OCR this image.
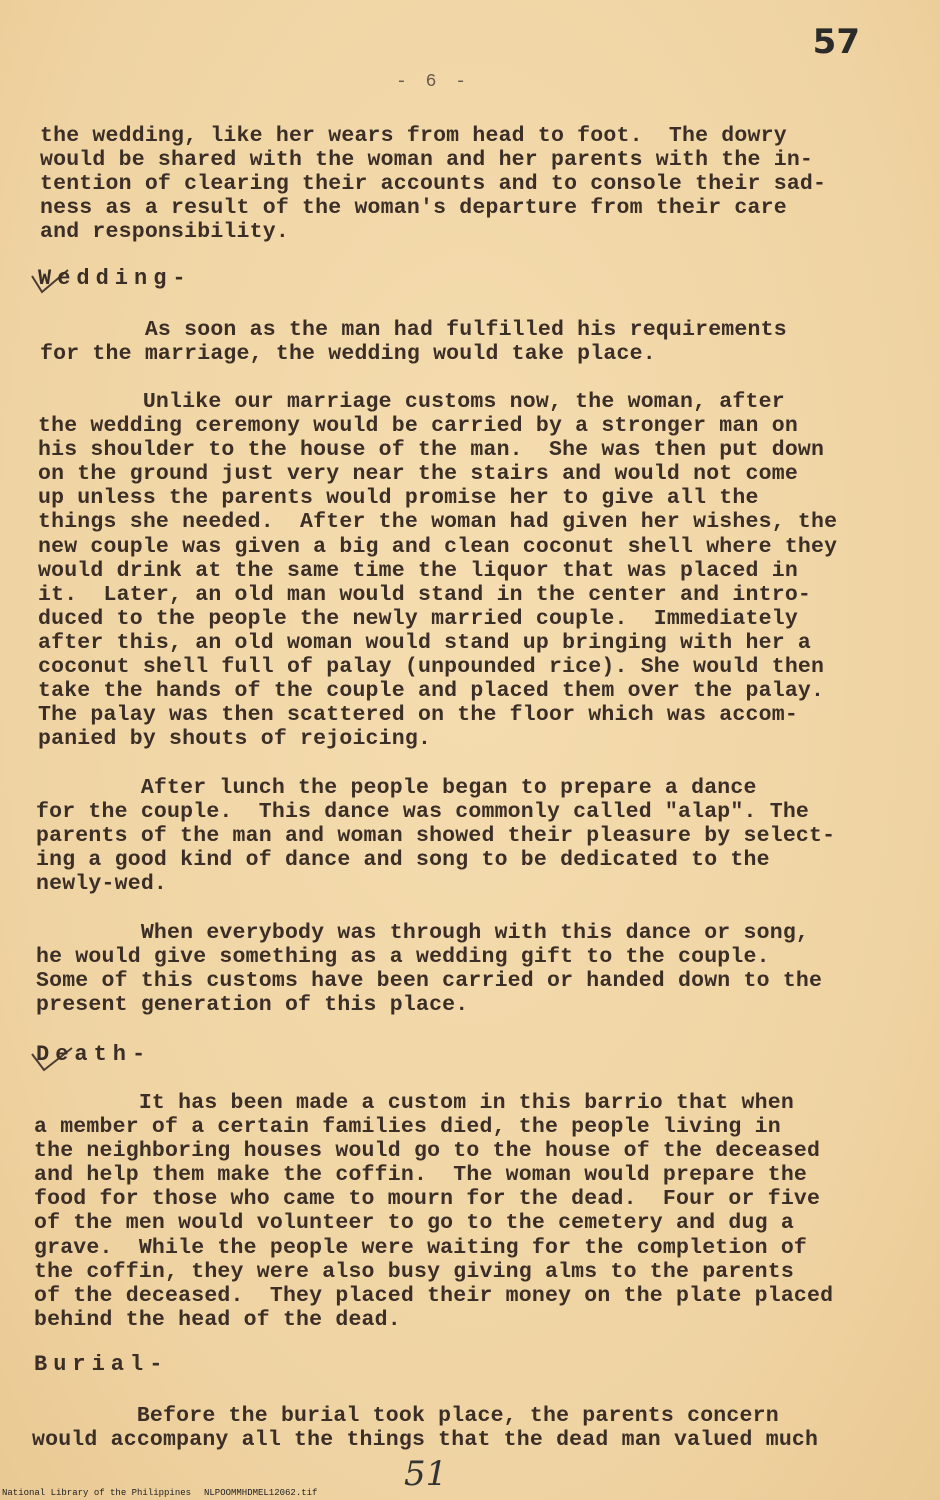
57
- 6 -

the wedding, like her wears from head to foot.  The dowry
would be shared with the woman and her parents with the in-
tention of clearing their accounts and to console their sad-
ness as a result of the woman's departure from their care
and responsibility.

Wedding-

As soon as the man had fulfilled his requirements
for the marriage, the wedding would take place.

Unlike our marriage customs now, the woman, after
the wedding ceremony would be carried by a stronger man on
his shoulder to the house of the man.  She was then put down
on the ground just very near the stairs and would not come
up unless the parents would promise her to give all the
things she needed.  After the woman had given her wishes, the
new couple was given a big and clean coconut shell where they
would drink at the same time the liquor that was placed in
it.  Later, an old man would stand in the center and intro-
duced to the people the newly married couple.  Immediately
after this, an old woman would stand up bringing with her a
coconut shell full of palay (unpounded rice). She would then
take the hands of the couple and placed them over the palay.
The palay was then scattered on the floor which was accom-
panied by shouts of rejoicing.

After lunch the people began to prepare a dance
for the couple.  This dance was commonly called "alap". The
parents of the man and woman showed their pleasure by select-
ing a good kind of dance and song to be dedicated to the
newly-wed.

When everybody was through with this dance or song,
he would give something as a wedding gift to the couple.
Some of this customs have been carried or handed down to the
present generation of this place.

Death-

It has been made a custom in this barrio that when
a member of a certain families died, the people living in
the neighboring houses would go to the house of the deceased
and help them make the coffin.  The woman would prepare the
food for those who came to mourn for the dead.  Four or five
of the men would volunteer to go to the cemetery and dug a
grave.  While the people were waiting for the completion of
the coffin, they were also busy giving alms to the parents
of the deceased.  They placed their money on the plate placed
behind the head of the dead.

Burial-

Before the burial took place, the parents concern
would accompany all the things that the dead man valued much

National Library of the Philippines NLPOOMMHDMEL12062.tif	51
